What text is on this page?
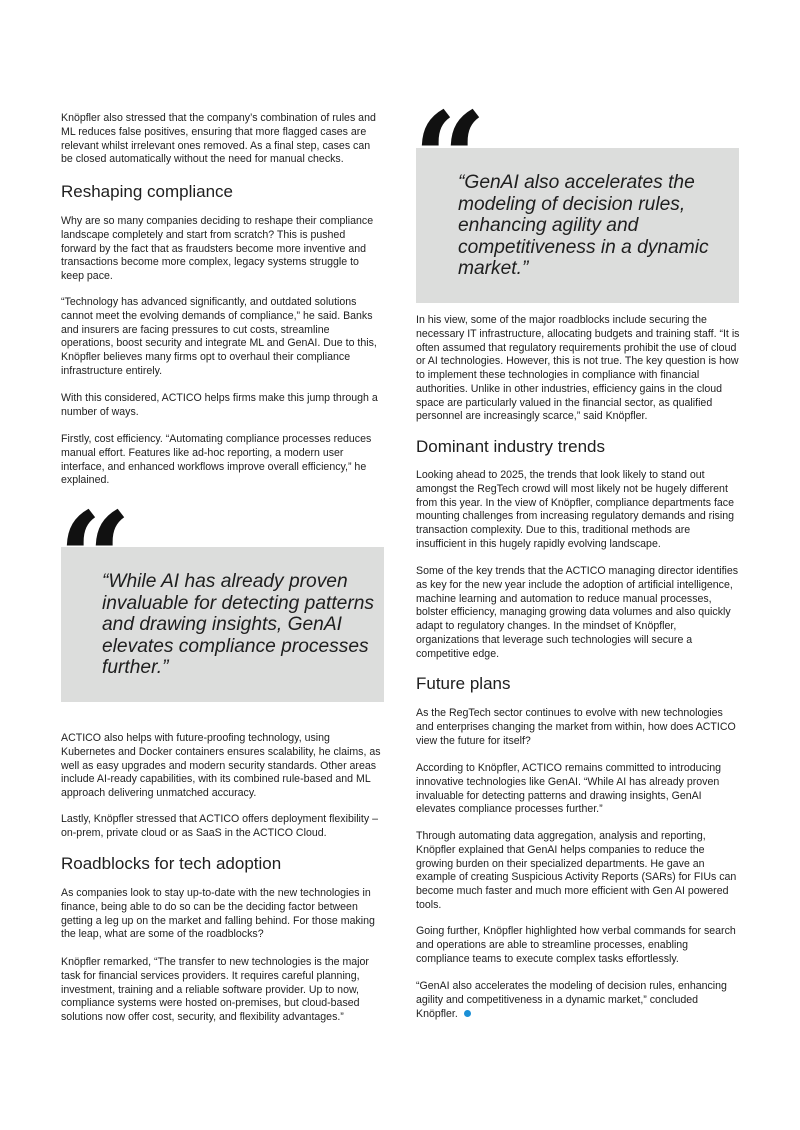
Knöpfler also stressed that the company’s combination of rules and ML reduces false positives, ensuring that more flagged cases are relevant whilst irrelevant ones removed. As a final step, cases can be closed automatically without the need for manual checks.

Reshaping compliance

Why are so many companies deciding to reshape their compliance landscape completely and start from scratch? This is pushed forward by the fact that as fraudsters become more inventive and transactions become more complex, legacy systems struggle to keep pace.

“Technology has advanced significantly, and outdated solutions cannot meet the evolving demands of compliance,” he said. Banks and insurers are facing pressures to cut costs, streamline operations, boost security and integrate ML and GenAI. Due to this, Knöpfler believes many firms opt to overhaul their compliance infrastructure entirely.

With this considered, ACTICO helps firms make this jump through a number of ways.

Firstly, cost efficiency. “Automating compliance processes reduces manual effort. Features like ad-hoc reporting, a modern user interface, and enhanced workflows improve overall efficiency,” he explained.

ACTICO also helps with future-proofing technology, using Kubernetes and Docker containers ensures scalability, he claims, as well as easy upgrades and modern security standards. Other areas include AI-ready capabilities, with its combined rule-based and ML approach delivering unmatched accuracy.

Lastly, Knöpfler stressed that ACTICO offers deployment flexibility – on-prem, private cloud or as SaaS in the ACTICO Cloud.

Roadblocks for tech adoption

As companies look to stay up-to-date with the new technologies in finance, being able to do so can be the deciding factor between getting a leg up on the market and falling behind. For those making the leap, what are some of the roadblocks?

Knöpfler remarked, “The transfer to new technologies is the major task for financial services providers. It requires careful planning, investment, training and a reliable software provider. Up to now, compliance systems were hosted on-premises, but cloud-based solutions now offer cost, security, and flexibility advantages.”

“

“While AI has already proven invaluable for detecting patterns and drawing insights, GenAI elevates compliance processes further.”

“

“GenAI also accelerates the modeling of decision rules, enhancing agility and competitiveness in a dynamic market.”

In his view, some of the major roadblocks include securing the necessary IT infrastructure, allocating budgets and training staff. “It is often assumed that regulatory requirements prohibit the use of cloud or AI technologies. However, this is not true. The key question is how to implement these technologies in compliance with financial authorities. Unlike in other industries, efficiency gains in the cloud space are particularly valued in the financial sector, as qualified personnel are increasingly scarce,” said Knöpfler.

Dominant industry trends

Looking ahead to 2025, the trends that look likely to stand out amongst the RegTech crowd will most likely not be hugely different from this year. In the view of Knöpfler, compliance departments face mounting challenges from increasing regulatory demands and rising transaction complexity. Due to this, traditional methods are insufficient in this hugely rapidly evolving landscape.

Some of the key trends that the ACTICO managing director identifies as key for the new year include the adoption of artificial intelligence, machine learning and automation to reduce manual processes, bolster efficiency, managing growing data volumes and also quickly adapt to regulatory changes. In the mindset of Knöpfler, organizations that leverage such technologies will secure a competitive edge.

Future plans

As the RegTech sector continues to evolve with new technologies and enterprises changing the market from within, how does ACTICO view the future for itself?

According to Knöpfler, ACTICO remains committed to introducing innovative technologies like GenAI. “While AI has already proven invaluable for detecting patterns and drawing insights, GenAI elevates compliance processes further.”

Through automating data aggregation, analysis and reporting, Knöpfler explained that GenAI helps companies to reduce the growing burden on their specialized departments. He gave an example of creating Suspicious Activity Reports (SARs) for FIUs can become much faster and much more efficient with Gen AI powered tools.

Going further, Knöpfler highlighted how verbal commands for search and operations are able to streamline processes, enabling compliance teams to execute complex tasks effortlessly.

“GenAI also accelerates the modeling of decision rules, enhancing agility and competitiveness in a dynamic market,” concluded Knöpfler.
